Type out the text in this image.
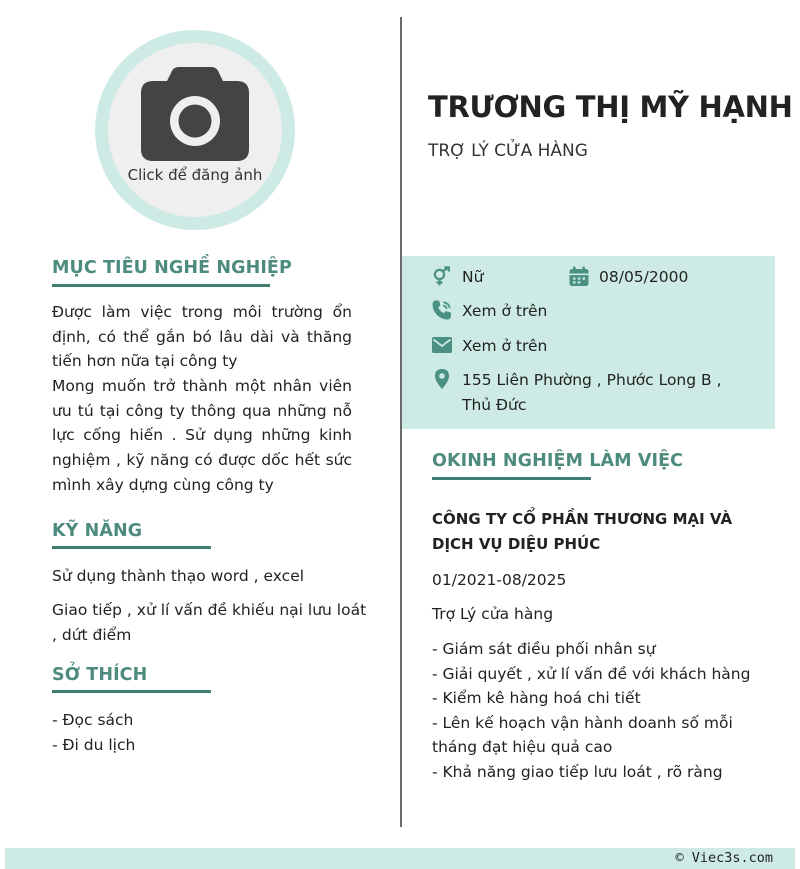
Click để đăng ảnh
MỤC TIÊU NGHỀ NGHIỆP
Được làm việc trong môi trường ổn
định, có thể gắn bó lâu dài và thăng
tiến hơn nữa tại công ty
Mong muốn trở thành một nhân viên
ưu tú tại công ty thông qua những nỗ
lực cống hiến . Sử dụng những kinh
nghiệm , kỹ năng có được dốc hết sức
mình xây dựng cùng công ty
KỸ NĂNG
Sử dụng thành thạo word , excel
Giao tiếp , xử lí vấn đề khiếu nại lưu loát
, dứt điểm
SỞ THÍCH
- Đọc sách
- Đi du lịch
TRƯƠNG THỊ MỸ HẠNH
TRỢ LÝ CỬA HÀNG
Nữ	08/05/2000
Xem ở trên
Xem ở trên
155 Liên Phường , Phước Long B ,
Thủ Đức
OKINH NGHIỆM LÀM VIỆC
CÔNG TY CỔ PHẦN THƯƠNG MẠI VÀ
DỊCH VỤ DIỆU PHÚC
01/2021-08/2025
Trợ Lý cửa hàng
- Giám sát điều phối nhân sự
- Giải quyết , xử lí vấn đề với khách hàng
- Kiểm kê hàng hoá chi tiết
- Lên kế hoạch vận hành doanh số mỗi
tháng đạt hiệu quả cao
- Khả năng giao tiếp lưu loát , rõ ràng
© Viec3s.com
